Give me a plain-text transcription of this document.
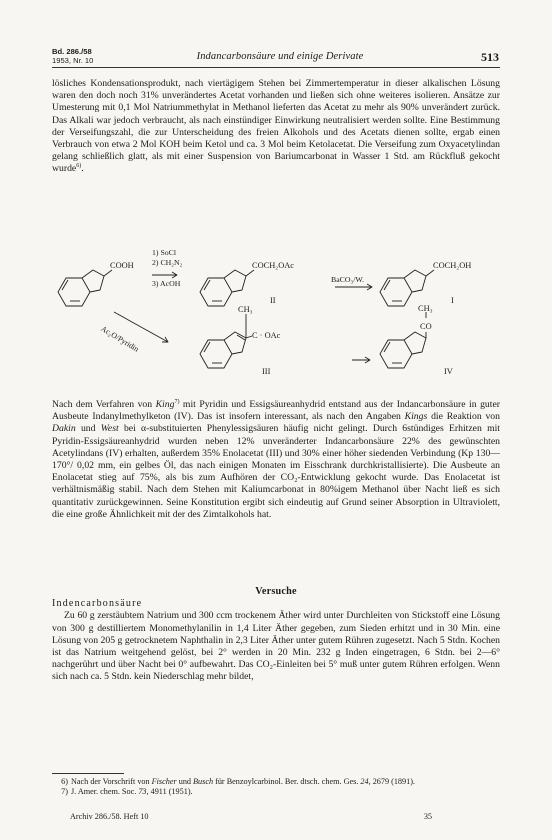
Bd. 286./58
1953, Nr. 10	Indancarbonsäure und einige Derivate	513

lösliches Kondensationsprodukt, nach viertägigem Stehen bei Zimmertemperatur in dieser alkalischen Lösung waren den doch noch 31% unverändertes Acetat vorhanden und ließen sich ohne weiteres isolieren. Ansätze zur Umesterung mit 0,1 Mol Natriummethylat in Methanol lieferten das Acetat zu mehr als 90% unverändert zurück. Das Alkali war jedoch verbraucht, als nach einstündiger Einwirkung neutralisiert werden sollte. Eine Bestimmung der Verseifungszahl, die zur Unterscheidung des freien Alkohols und des Acetats dienen sollte, ergab einen Verbrauch von etwa 2 Mol KOH beim Ketol und ca. 3 Mol beim Ketolacetat. Die Verseifung zum Oxyacetylindan gelang schließlich glatt, als mit einer Suspension von Bariumcarbonat in Wasser 1 Std. am Rückfluß gekocht wurde$^{6)}$.

COOH
1) SoCl
2) CH₂N₂
3) AcOH
COCH₂OAc
II
BaCO₃/W.
COCH₂OH
I
Ac₂O/Pyridin
CH₃
C · OAc
III
CH₃
CO
IV

Nach dem Verfahren von King$^{7)}$ mit Pyridin und Essigsäureanhydrid entstand aus der Indancarbonsäure in guter Ausbeute Indanylmethylketon (IV). Das ist insofern interessant, als nach den Angaben Kings die Reaktion von Dakin und West bei α-substituierten Phenylessigsäuren häufig nicht gelingt. Durch 6stündiges Erhitzen mit Pyridin-Essigsäureanhydrid wurden neben 12% unveränderter Indancarbonsäure 22% des gewünschten Acetylindans (IV) erhalten, außerdem 35% Enolacetat (III) und 30% einer höher siedenden Verbindung (Kp 130—170°/ 0,02 mm, ein gelbes Öl, das nach einigen Monaten im Eisschrank durchkristallisierte). Die Ausbeute an Enolacetat stieg auf 75%, als bis zum Aufhören der CO₂-Entwicklung gekocht wurde. Das Enolacetat ist verhältnismäßig stabil. Nach dem Stehen mit Kaliumcarbonat in 80%igem Methanol über Nacht ließ es sich quantitativ zurückgewinnen. Seine Konstitution ergibt sich eindeutig auf Grund seiner Absorption in Ultraviolett, die eine große Ähnlichkeit mit der des Zimtalkohols hat.

Versuche

Indencarbonsäure

Zu 60 g zerstäubtem Natrium und 300 ccm trockenem Äther wird unter Durchleiten von Stickstoff eine Lösung von 300 g destilliertem Monomethylanilin in 1,4 Liter Äther gegeben, zum Sieden erhitzt und in 30 Min. eine Lösung von 205 g getrocknetem Naphthalin in 2,3 Liter Äther unter gutem Rühren zugesetzt. Nach 5 Stdn. Kochen ist das Natrium weitgehend gelöst, bei 2° werden in 20 Min. 232 g Inden eingetragen, 6 Stdn. bei 2—6° nachgerührt und über Nacht bei 0° aufbewahrt. Das CO₂-Einleiten bei 5° muß unter gutem Rühren erfolgen. Wenn sich nach ca. 5 Stdn. kein Niederschlag mehr bildet,

6) Nach der Vorschrift von Fischer und Busch für Benzoylcarbinol. Ber. dtsch. chem. Ges. 24, 2679 (1891).

7) J. Amer. chem. Soc. 73, 4911 (1951).

Archiv 286./58. Heft 10	35
